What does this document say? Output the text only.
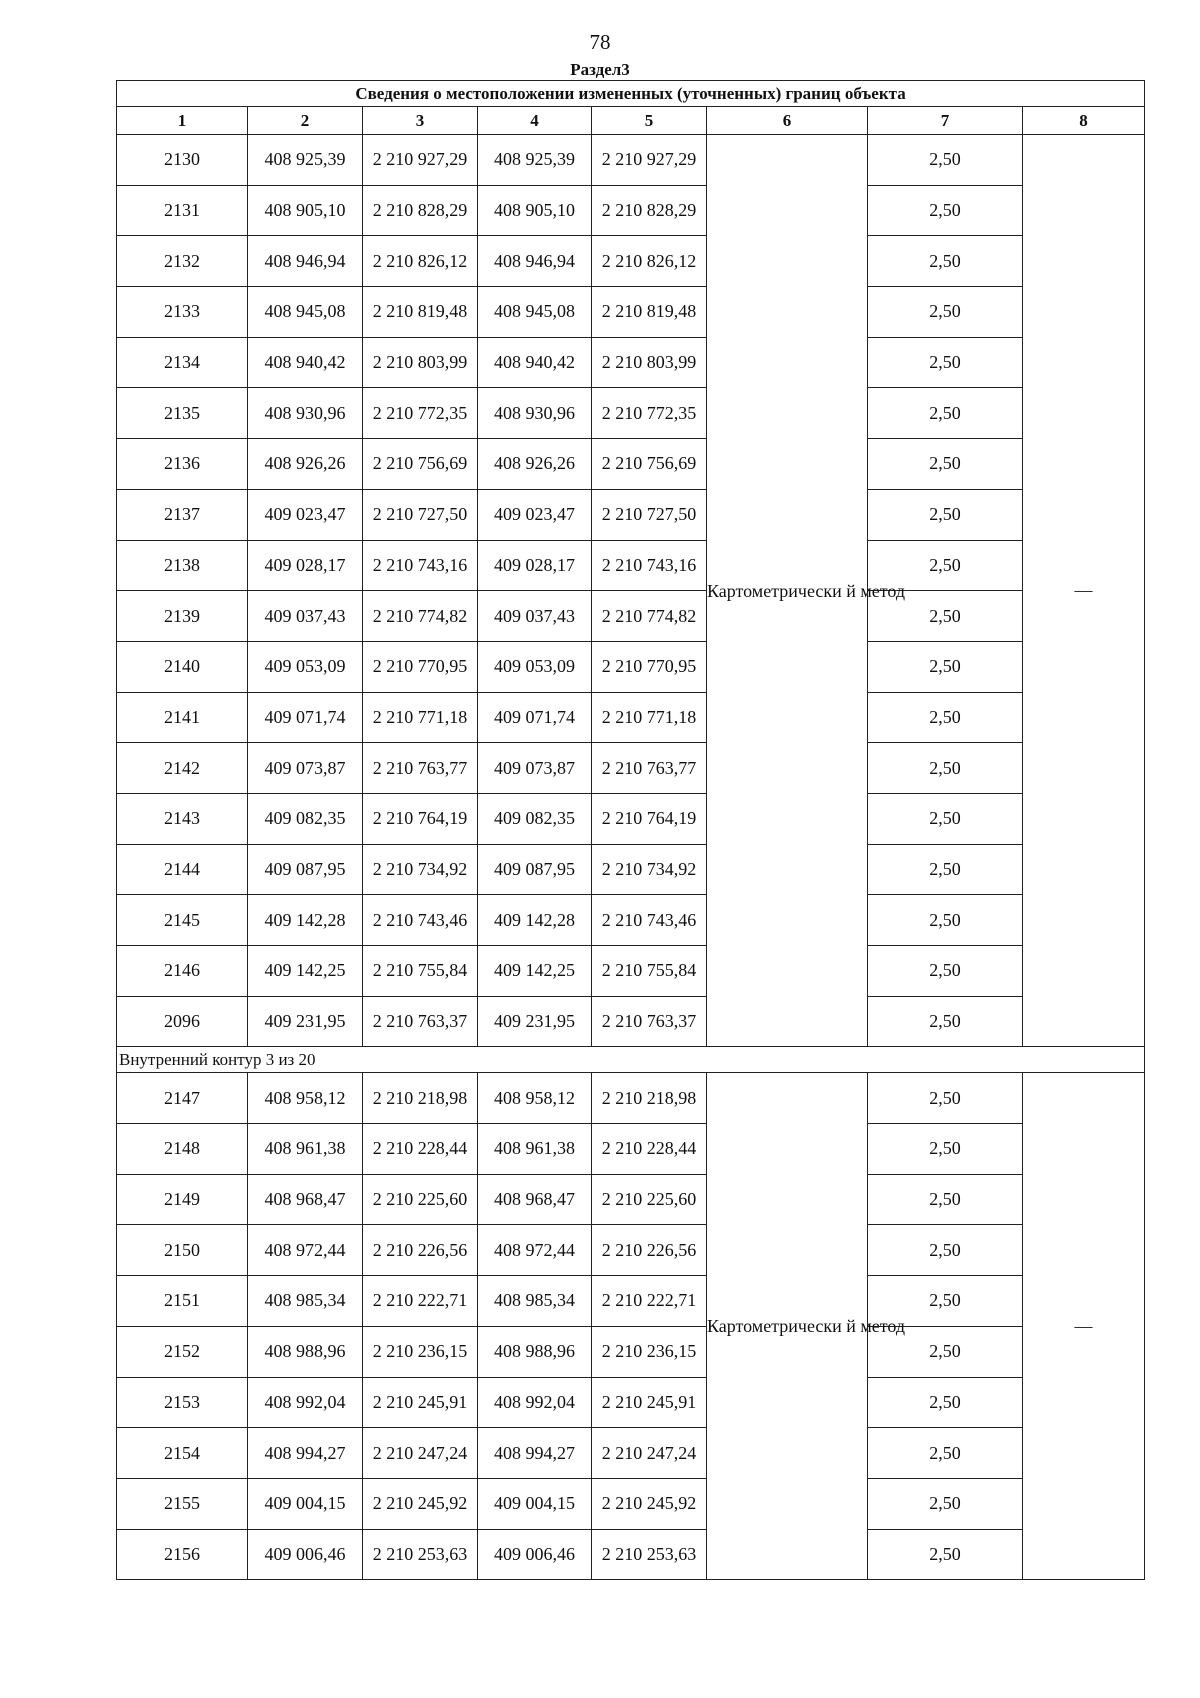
78
Раздел3
Сведения о местоположении измененных (уточненных) границ объекта							
1	2	3	4	5	6	7	8
2130	408 925,39	2 210 927,29	408 925,39	2 210 927,29	Картометрически й метод	2,50	—
2131	408 905,10	2 210 828,29	408 905,10	2 210 828,29		2,50	
2132	408 946,94	2 210 826,12	408 946,94	2 210 826,12		2,50	
2133	408 945,08	2 210 819,48	408 945,08	2 210 819,48		2,50	
2134	408 940,42	2 210 803,99	408 940,42	2 210 803,99		2,50	
2135	408 930,96	2 210 772,35	408 930,96	2 210 772,35		2,50	
2136	408 926,26	2 210 756,69	408 926,26	2 210 756,69		2,50	
2137	409 023,47	2 210 727,50	409 023,47	2 210 727,50		2,50	
2138	409 028,17	2 210 743,16	409 028,17	2 210 743,16		2,50	
2139	409 037,43	2 210 774,82	409 037,43	2 210 774,82		2,50	
2140	409 053,09	2 210 770,95	409 053,09	2 210 770,95		2,50	
2141	409 071,74	2 210 771,18	409 071,74	2 210 771,18		2,50	
2142	409 073,87	2 210 763,77	409 073,87	2 210 763,77		2,50	
2143	409 082,35	2 210 764,19	409 082,35	2 210 764,19		2,50	
2144	409 087,95	2 210 734,92	409 087,95	2 210 734,92		2,50	
2145	409 142,28	2 210 743,46	409 142,28	2 210 743,46		2,50	
2146	409 142,25	2 210 755,84	409 142,25	2 210 755,84		2,50	
2096	409 231,95	2 210 763,37	409 231,95	2 210 763,37		2,50	
Внутренний контур 3 из 20							
2147	408 958,12	2 210 218,98	408 958,12	2 210 218,98	Картометрически й метод	2,50	—
2148	408 961,38	2 210 228,44	408 961,38	2 210 228,44		2,50	
2149	408 968,47	2 210 225,60	408 968,47	2 210 225,60		2,50	
2150	408 972,44	2 210 226,56	408 972,44	2 210 226,56		2,50	
2151	408 985,34	2 210 222,71	408 985,34	2 210 222,71		2,50	
2152	408 988,96	2 210 236,15	408 988,96	2 210 236,15		2,50	
2153	408 992,04	2 210 245,91	408 992,04	2 210 245,91		2,50	
2154	408 994,27	2 210 247,24	408 994,27	2 210 247,24		2,50	
2155	409 004,15	2 210 245,92	409 004,15	2 210 245,92		2,50	
2156	409 006,46	2 210 253,63	409 006,46	2 210 253,63		2,50	
